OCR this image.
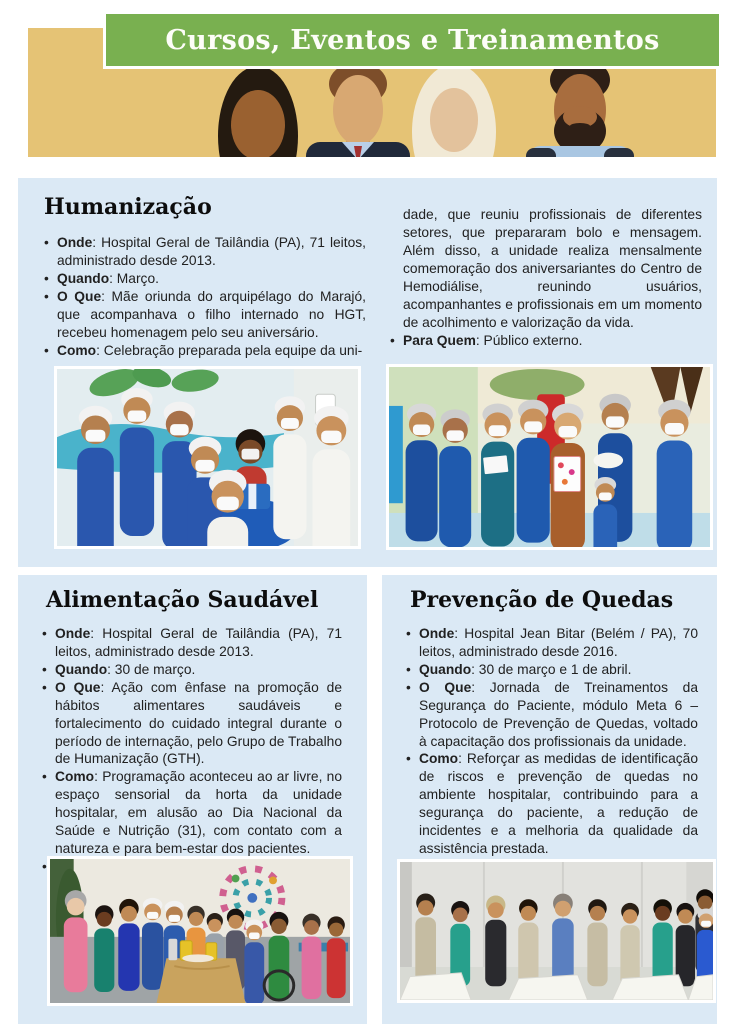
Cursos, Eventos e Treinamentos
Humanização
• Onde: Hospital Geral de Tailândia (PA), 71 leitos, administrado desde 2013.
• Quando: Março.
• O Que: Mãe oriunda do arquipélago do Marajó, que acompanhava o filho internado no HGT, recebeu homenagem pelo seu aniversário.
• Como: Celebração preparada pela equipe da uni-

dade, que reuniu profissionais de diferentes setores, que prepararam bolo e mensagem. Além disso, a unidade realiza mensalmente comemoração dos aniversariantes do Centro de Hemodiálise, reunindo usuários, acompanhantes e profissionais em um momento de acolhimento e valorização da vida.

• Para Quem: Público externo.
Alimentação Saudável
• Onde: Hospital Geral de Tailândia (PA), 71 leitos, administrado desde 2013.
• Quando: 30 de março.
• O Que: Ação com ênfase na promoção de hábitos alimentares saudáveis e fortalecimento do cuidado integral durante o período de internação, pelo Grupo de Trabalho de Humanização (GTH).
• Como: Programação aconteceu ao ar livre, no espaço sensorial da horta da unidade hospitalar, em alusão ao Dia Nacional da Saúde e Nutrição (31), com contato com a natureza e para bem-estar dos pacientes.
•
Prevenção de Quedas
• Onde: Hospital Jean Bitar (Belém / PA), 70 leitos, administrado desde 2016.
• Quando: 30 de março e 1 de abril.
• O Que: Jornada de Treinamentos da Segurança do Paciente, módulo Meta 6 – Protocolo de Prevenção de Quedas, voltado à capacitação dos profissionais da unidade.
• Como: Reforçar as medidas de identificação de riscos e prevenção de quedas no ambiente hospitalar, contribuindo para a segurança do paciente, a redução de incidentes e a melhoria da qualidade da assistência prestada.
•
